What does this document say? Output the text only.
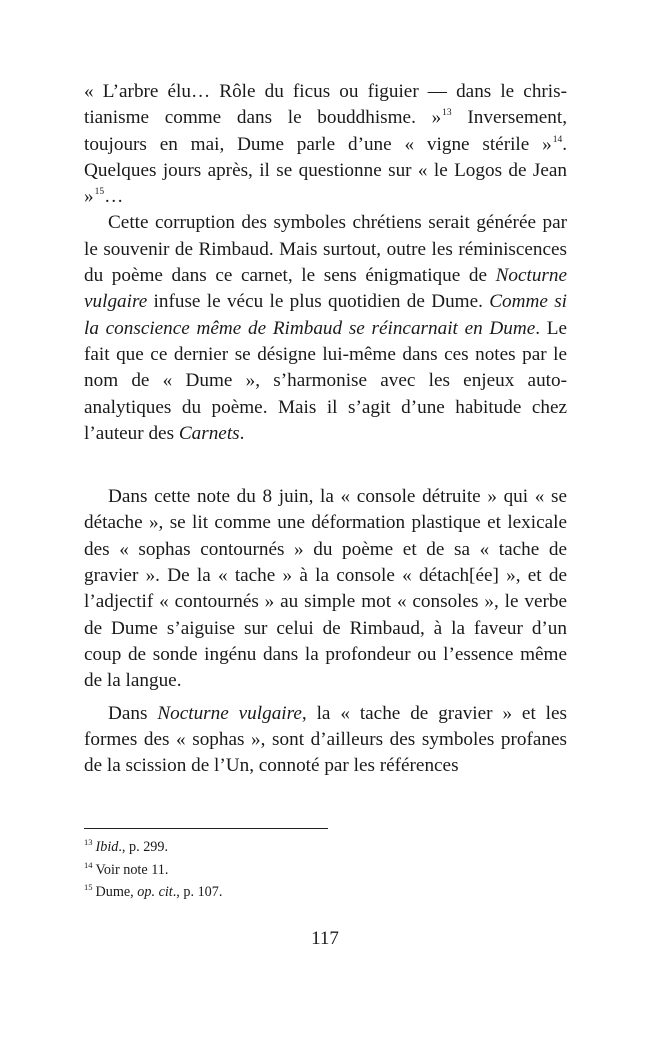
« L’arbre élu… Rôle du ficus ou figuier — dans le christianisme comme dans le bouddhisme. »$^{13}$ Inversement, toujours en mai, Dume parle d’une « vigne stérile »$^{14}$. Quelques jours après, il se questionne sur « le Logos de Jean »$^{15}$…

Cette corruption des symboles chrétiens serait générée par le souvenir de Rimbaud. Mais surtout, outre les réminiscences du poème dans ce carnet, le sens énigmatique de Nocturne vulgaire infuse le vécu le plus quotidien de Dume. Comme si la conscience même de Rimbaud se réincarnait en Dume. Le fait que ce dernier se désigne lui-même dans ces notes par le nom de « Dume », s’harmonise avec les enjeux auto-analytiques du poème. Mais il s’agit d’une habitude chez l’auteur des Carnets.

Dans cette note du 8 juin, la « console détruite » qui « se détache », se lit comme une déformation plastique et lexicale des « sophas contournés » du poème et de sa « tache de gravier ». De la « tache » à la console « détach[ée] », et de l’adjectif « contournés » au simple mot « consoles », le verbe de Dume s’aiguise sur celui de Rimbaud, à la faveur d’un coup de sonde ingénu dans la profondeur ou l’essence même de la langue.

Dans Nocturne vulgaire, la « tache de gravier » et les formes des « sophas », sont d’ailleurs des symboles profanes de la scission de l’Un, connoté par les références

$^{13}$ Ibid., p. 299.
$^{14}$ Voir note 11.
$^{15}$ Dume, op. cit., p. 107.
117
